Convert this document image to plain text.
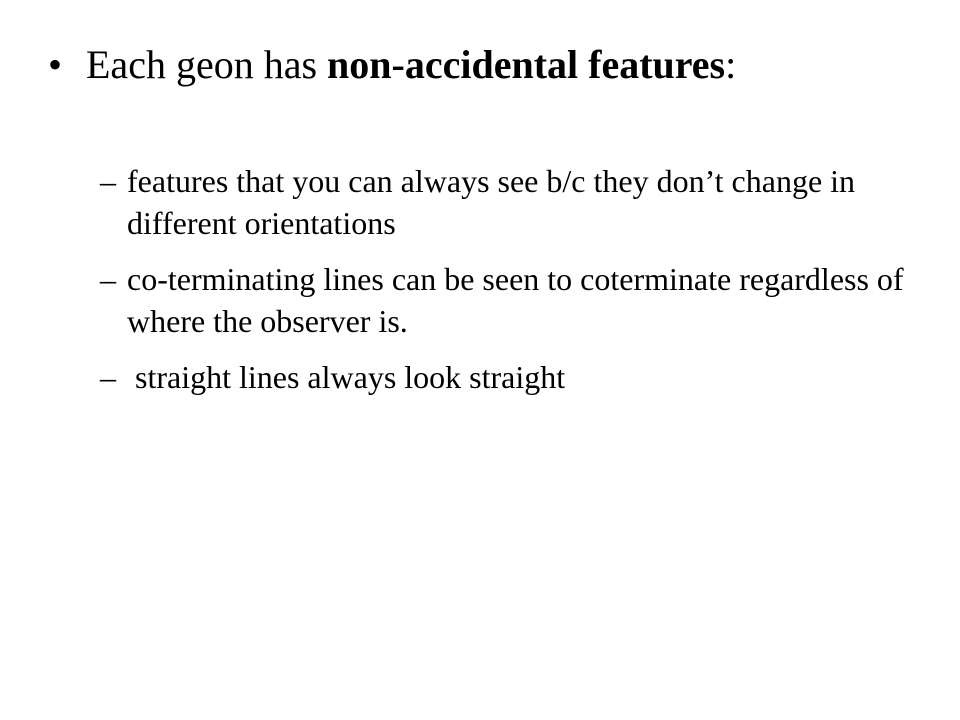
• Each geon has non-accidental features:
– features that you can always see b/c they don’t change in different orientations
– co-terminating lines can be seen to coterminate regardless of where the observer is.
– straight lines always look straight
